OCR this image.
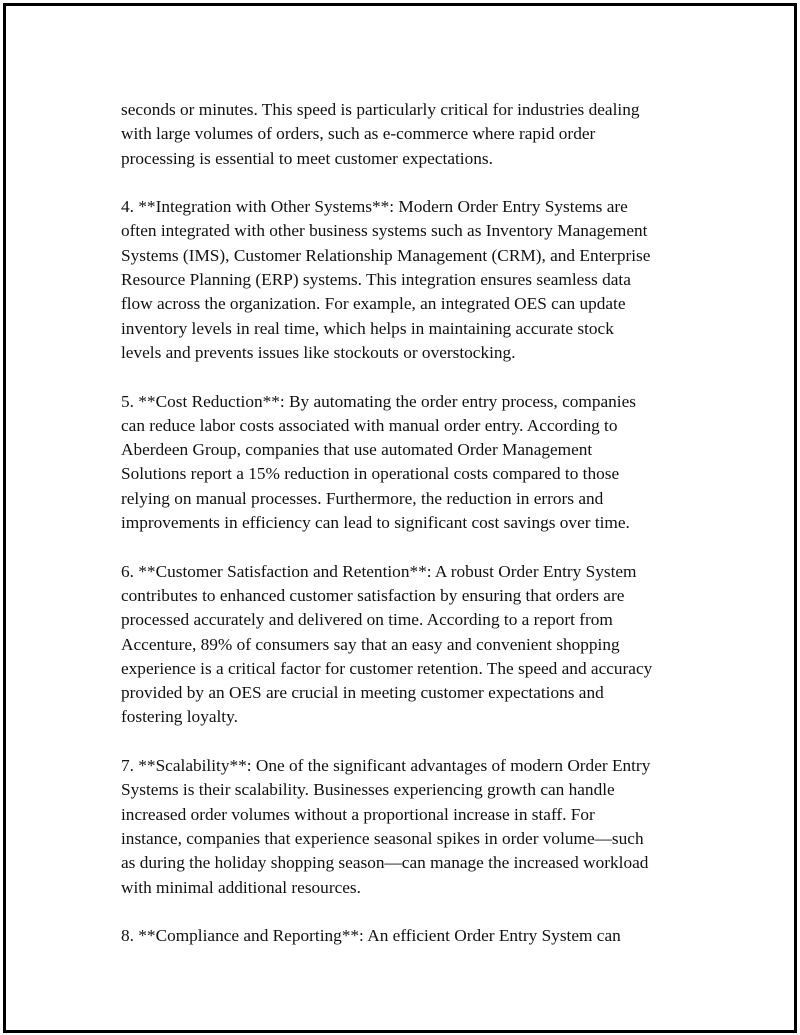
seconds or minutes. This speed is particularly critical for industries dealing
with large volumes of orders, such as e-commerce where rapid order
processing is essential to meet customer expectations.

4. **Integration with Other Systems**: Modern Order Entry Systems are
often integrated with other business systems such as Inventory Management
Systems (IMS), Customer Relationship Management (CRM), and Enterprise
Resource Planning (ERP) systems. This integration ensures seamless data
flow across the organization. For example, an integrated OES can update
inventory levels in real time, which helps in maintaining accurate stock
levels and prevents issues like stockouts or overstocking.

5. **Cost Reduction**: By automating the order entry process, companies
can reduce labor costs associated with manual order entry. According to
Aberdeen Group, companies that use automated Order Management
Solutions report a 15% reduction in operational costs compared to those
relying on manual processes. Furthermore, the reduction in errors and
improvements in efficiency can lead to significant cost savings over time.

6. **Customer Satisfaction and Retention**: A robust Order Entry System
contributes to enhanced customer satisfaction by ensuring that orders are
processed accurately and delivered on time. According to a report from
Accenture, 89% of consumers say that an easy and convenient shopping
experience is a critical factor for customer retention. The speed and accuracy
provided by an OES are crucial in meeting customer expectations and
fostering loyalty.

7. **Scalability**: One of the significant advantages of modern Order Entry
Systems is their scalability. Businesses experiencing growth can handle
increased order volumes without a proportional increase in staff. For
instance, companies that experience seasonal spikes in order volume—such
as during the holiday shopping season—can manage the increased workload
with minimal additional resources.

8. **Compliance and Reporting**: An efficient Order Entry System can
